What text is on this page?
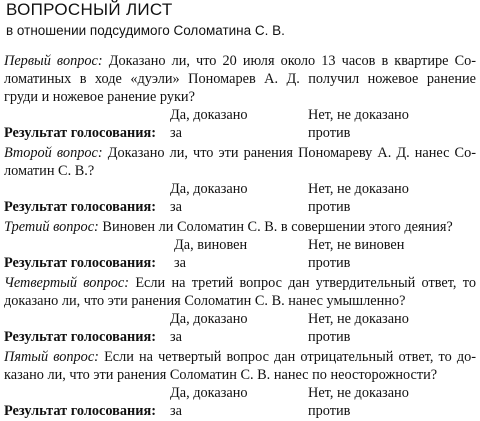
ВОПРОСНЫЙ ЛИСТ
в отношении подсудимого Соломатина С. В.
Первый вопрос: Доказано ли, что 20 июля около 13 часов в квартире Со-
ломатиных в ходе «дуэли» Пономарев А. Д. получил ножевое ранение
груди и ножевое ранение руки?
Да, доказано	Нет, не доказано
Результат голосования: за	против
Второй вопрос: Доказано ли, что эти ранения Пономареву А. Д. нанес Со-
ломатин С. В.?
Да, доказано	Нет, не доказано
Результат голосования: за	против
Третий вопрос: Виновен ли Соломатин С. В. в совершении этого деяния?
Да, виновен	Нет, не виновен
Результат голосования: за	против
Четвертый вопрос: Если на третий вопрос дан утвердительный ответ, то
доказано ли, что эти ранения Соломатин С. В. нанес умышленно?
Да, доказано	Нет, не доказано
Результат голосования: за	против
Пятый вопрос: Если на четвертый вопрос дан отрицательный ответ, то до-
казано ли, что эти ранения Соломатин С. В. нанес по неосторожности?
Да, доказано	Нет, не доказано
Результат голосования: за	против
